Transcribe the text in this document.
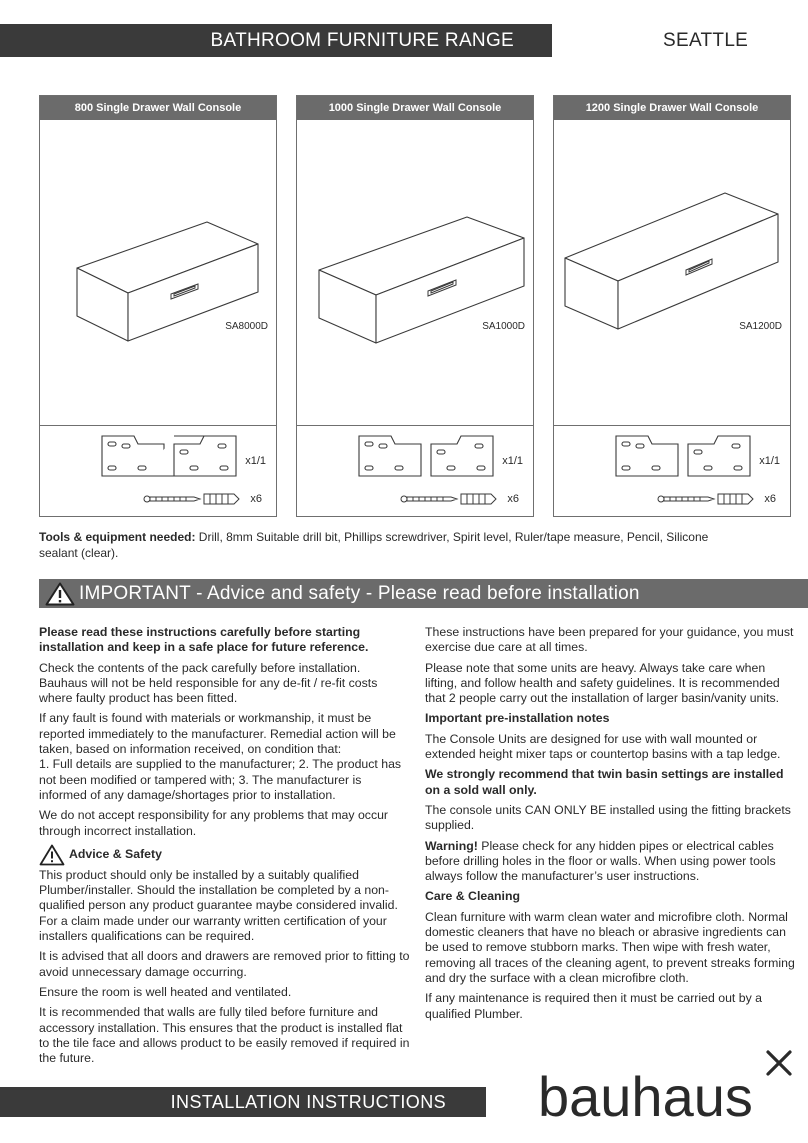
BATHROOM FURNITURE RANGE	SEATTLE
800 Single Drawer Wall Console
SA8000D
x1/1
x6
1000 Single Drawer Wall Console
SA1000D
x1/1
x6
1200 Single Drawer Wall Console
SA1200D
x1/1
x6
Tools & equipment needed: Drill, 8mm Suitable drill bit, Phillips screwdriver, Spirit level, Ruler/tape measure, Pencil, Silicone sealant (clear).
IMPORTANT - Advice and safety - Please read before installation

Please read these instructions carefully before starting installation and keep in a safe place for future reference.

Check the contents of the pack carefully before installation. Bauhaus will not be held responsible for any de-fit / re-fit costs where faulty product has been fitted.

If any fault is found with materials or workmanship, it must be reported immediately to the manufacturer. Remedial action will be taken, based on information received, on condition that:
1. Full details are supplied to the manufacturer; 2. The product has not been modified or tampered with; 3. The manufacturer is informed of any damage/shortages prior to installation.

We do not accept responsibility for any problems that may occur through incorrect installation.

Advice & Safety

This product should only be installed by a suitably qualified Plumber/installer. Should the installation be completed by a non-qualified person any product guarantee maybe considered invalid. For a claim made under our warranty written certification of your installers qualifications can be required.

It is advised that all doors and drawers are removed prior to fitting to avoid unnecessary damage occurring.

Ensure the room is well heated and ventilated.

It is recommended that walls are fully tiled before furniture and accessory installation. This ensures that the product is installed flat to the tile face and allows product to be easily removed if required in the future.

These instructions have been prepared for your guidance, you must exercise due care at all times.

Please note that some units are heavy. Always take care when lifting, and follow health and safety guidelines. It is recommended that 2 people carry out the installation of larger basin/vanity units.

Important pre-installation notes

The Console Units are designed for use with wall mounted or extended height mixer taps or countertop basins with a tap ledge.

We strongly recommend that twin basin settings are installed on a sold wall only.

The console units CAN ONLY BE installed using the fitting brackets supplied.

Warning! Please check for any hidden pipes or electrical cables before drilling holes in the floor or walls. When using power tools always follow the manufacturer’s user instructions.

Care & Cleaning

Clean furniture with warm clean water and microfibre cloth. Normal domestic cleaners that have no bleach or abrasive ingredients can be used to remove stubborn marks. Then wipe with fresh water, removing all traces of the cleaning agent, to prevent streaks forming and dry the surface with a clean microfibre cloth.

If any maintenance is required then it must be carried out by a qualified Plumber.

INSTALLATION INSTRUCTIONS	bauhaus
